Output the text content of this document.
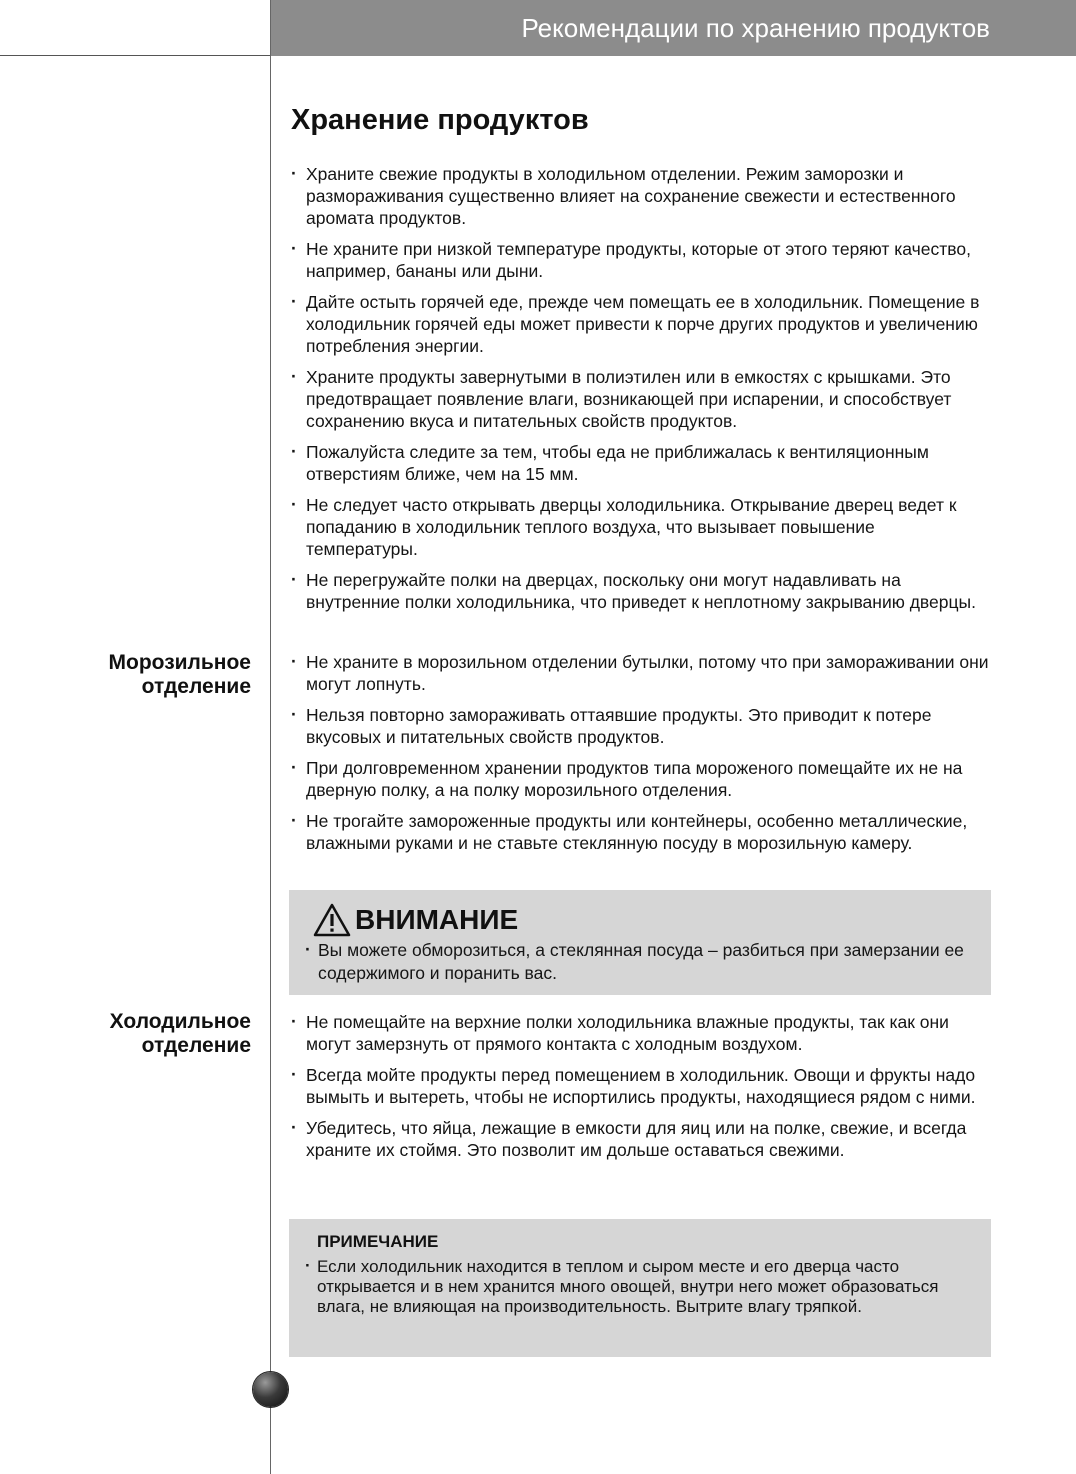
Рекомендации по хранению продуктов
Хранение продуктов
· Храните свежие продукты в холодильном отделении. Режим заморозки и размораживания существенно влияет на сохранение свежести и естественного аромата продуктов.
· Не храните при низкой температуре продукты, которые от этого теряют качество, например, бананы или дыни.
· Дайте остыть горячей еде, прежде чем помещать ее в холодильник. Помещение в холодильник горячей еды может привести к порче других продуктов и увеличению потребления энергии.
· Храните продукты завернутыми в полиэтилен или в емкостях с крышками. Это предотвращает появление влаги, возникающей при испарении, и способствует сохранению вкуса и питательных свойств продуктов.
· Пожалуйста следите за тем, чтобы еда не приближалась к вентиляционным отверстиям ближе, чем на 15 мм.
· Не следует часто открывать дверцы холодильника. Открывание дверец ведет к попаданию в холодильник теплого воздуха, что вызывает повышение температуры.
· Не перегружайте полки на дверцах, поскольку они могут надавливать на внутренние полки холодильника, что приведет к неплотному закрыванию дверцы.
Морозильное
отделение
· Не храните в морозильном отделении бутылки, потому что при замораживании они могут лопнуть.
· Нельзя повторно замораживать оттаявшие продукты. Это приводит к потере вкусовых и питательных свойств продуктов.
· При долговременном хранении продуктов типа мороженого помещайте их не на дверную полку, а на полку морозильного отделения.
· Не трогайте замороженные продукты или контейнеры, особенно металлические, влажными руками и не ставьте стеклянную посуду в морозильную камеру.
ВНИМАНИЕ

· Вы можете обморозиться, а стеклянная посуда – разбиться при замерзании ее содержимого и поранить вас.

Холодильное
отделение
· Не помещайте на верхние полки холодильника влажные продукты, так как они могут замерзнуть от прямого контакта с холодным воздухом.
· Всегда мойте продукты перед помещением в холодильник. Овощи и фрукты надо вымыть и вытереть, чтобы не испортились продукты, находящиеся рядом с ними.
· Убедитесь, что яйца, лежащие в емкости для яиц или на полке, свежие, и всегда храните их стоймя. Это позволит им дольше оставаться свежими.
ПРИМЕЧАНИЕ

· Если холодильник находится в теплом и сыром месте и его дверца часто открывается и в нем хранится много овощей, внутри него может образоваться влага, не влияющая на производительность. Вытрите влагу тряпкой.
